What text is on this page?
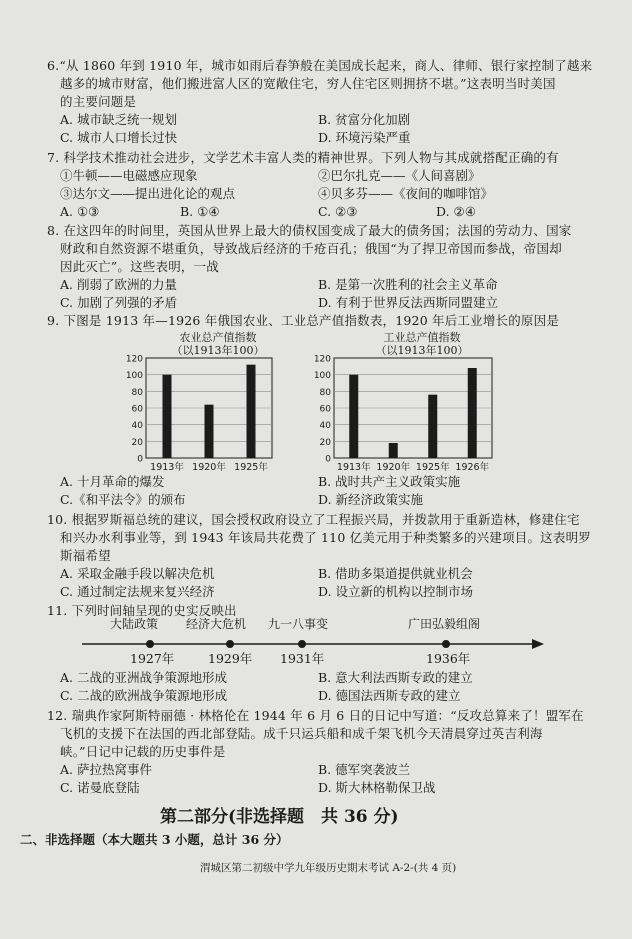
6.“从 1860 年到 1910 年，城市如雨后春笋般在美国成长起来，商人、律师、银行家控制了越来
越多的城市财富，他们搬进富人区的宽敞住宅，穷人住宅区则拥挤不堪。”这表明当时美国
的主要问题是
A. 城市缺乏统一规划	B. 贫富分化加剧
C. 城市人口增长过快	D. 环境污染严重
7. 科学技术推动社会进步，文学艺术丰富人类的精神世界。下列人物与其成就搭配正确的有
①牛顿——电磁感应现象	②巴尔扎克——《人间喜剧》
③达尔文——提出进化论的观点	④贝多芬——《夜间的咖啡馆》
A. ①③	B. ①④	C. ②③	D. ②④
8. 在这四年的时间里，英国从世界上最大的债权国变成了最大的债务国；法国的劳动力、国家
财政和自然资源不堪重负，导致战后经济的千疮百孔；俄国“为了捍卫帝国而参战，帝国却
因此灭亡”。这些表明，一战
A. 削弱了欧洲的力量	B. 是第一次胜利的社会主义革命
C. 加剧了列强的矛盾	D. 有利于世界反法西斯同盟建立
9. 下图是 1913 年—1926 年俄国农业、工业总产值指数表，1920 年后工业增长的原因是
农业总产值指数
（以1913年100）
工业总产值指数
（以1913年100）
0
20
40
60
80
100
120
1913年 1920年 1925年
0
20
40
60
80
100
120
1913年 1920年 1925年 1926年
A. 十月革命的爆发	B. 战时共产主义政策实施
C.《和平法令》的颁布	D. 新经济政策实施
10. 根据罗斯福总统的建议，国会授权政府设立了工程振兴局，并拨款用于重新造林，修建住宅
和兴办水利事业等，到 1943 年该局共花费了 110 亿美元用于种类繁多的兴建项目。这表明罗
斯福希望
A. 采取金融手段以解决危机	B. 借助多渠道提供就业机会
C. 通过制定法规来复兴经济	D. 设立新的机构以控制市场
11. 下列时间轴呈现的史实反映出
大陆政策 经济大危机 九一八事变	广田弘毅组阁
1927年	1929年 1931年	1936年
A. 二战的亚洲战争策源地形成	B. 意大利法西斯专政的建立
C. 二战的欧洲战争策源地形成	D. 德国法西斯专政的建立
12. 瑞典作家阿斯特丽德 · 林格伦在 1944 年 6 月 6 日的日记中写道：“反攻总算来了！盟军在
飞机的支援下在法国的西北部登陆。成千只运兵船和成千架飞机今天清晨穿过英吉利海
峡。”日记中记载的历史事件是
A. 萨拉热窝事件	B. 德军突袭波兰
C. 诺曼底登陆	D. 斯大林格勒保卫战
第二部分(非选择题　共 36 分)
二、非选择题（本大题共 3 小题，总计 36 分）
渭城区第二初级中学九年级历史期末考试 A-2-(共 4 页)
